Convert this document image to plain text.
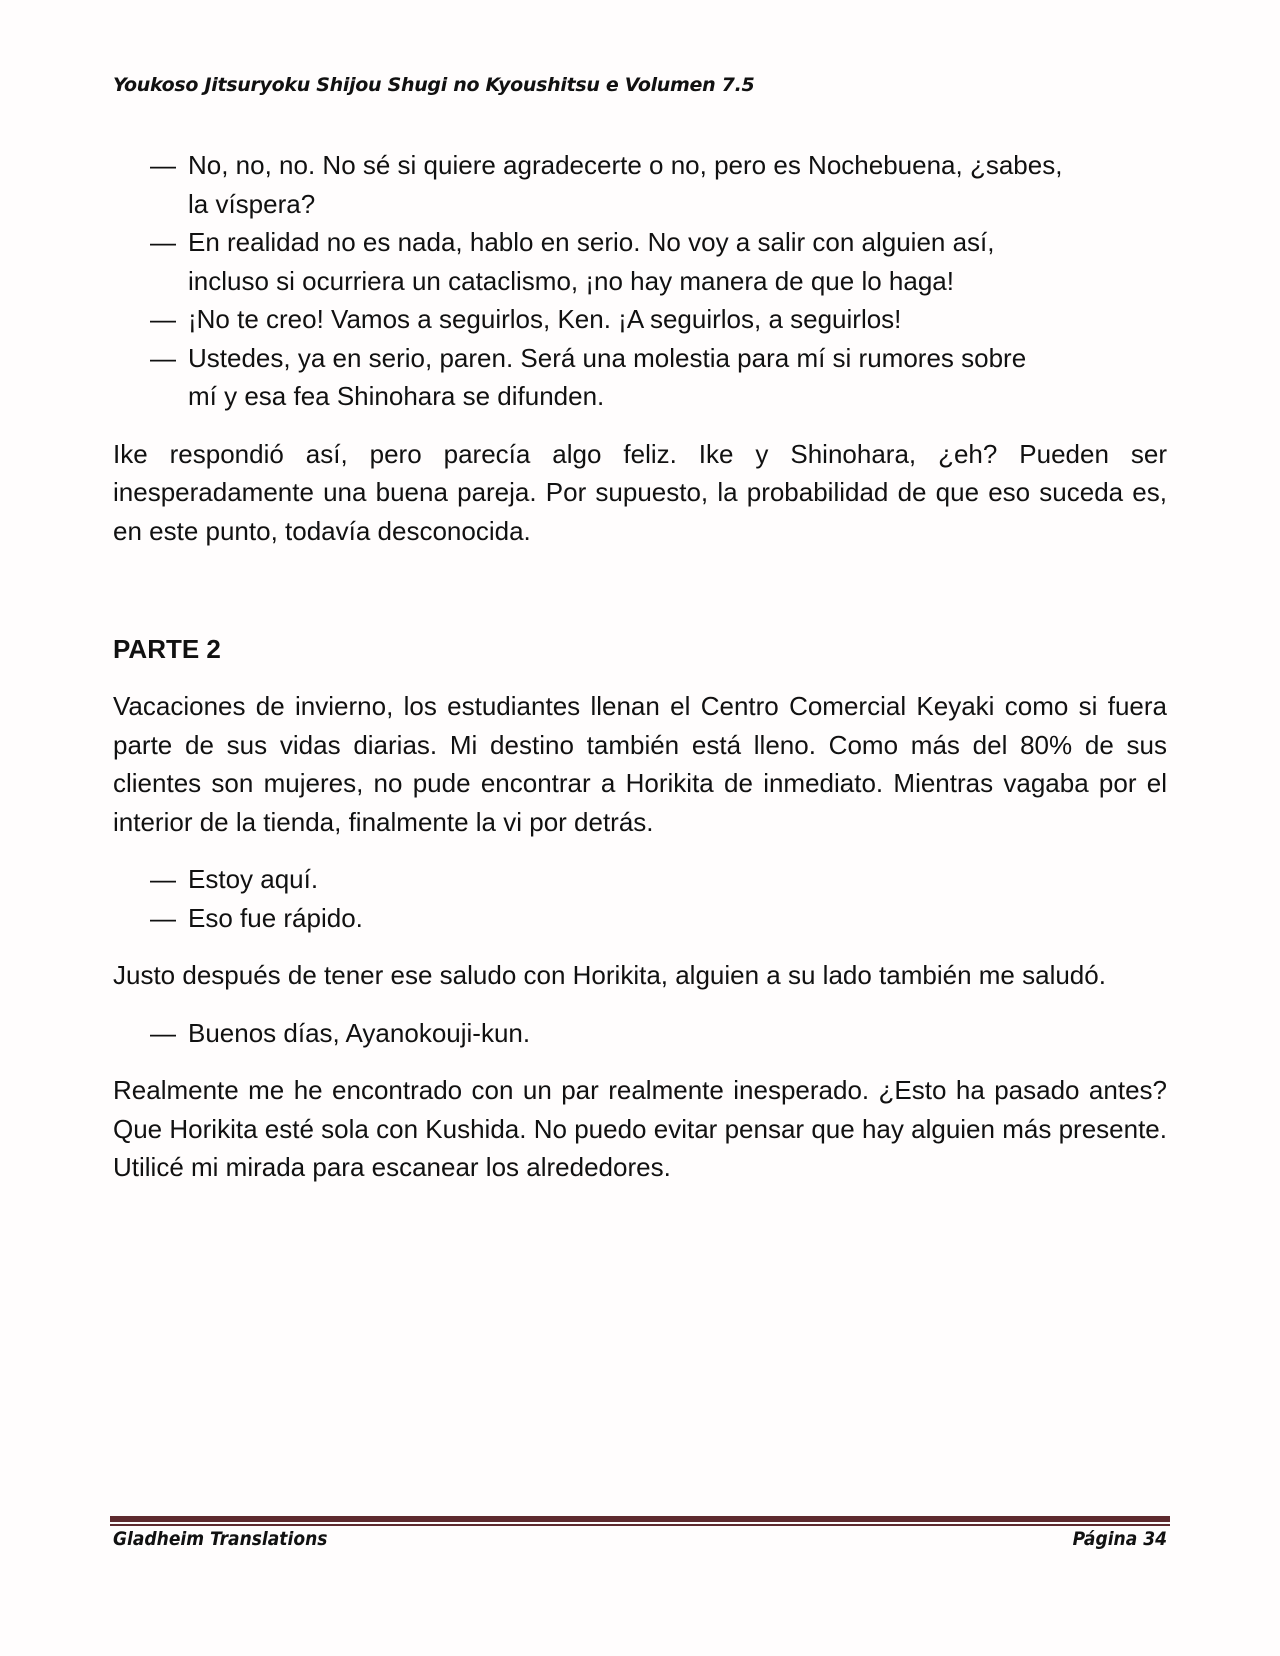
Youkoso Jitsuryoku Shijou Shugi no Kyoushitsu e Volumen 7.5
— No, no, no. No sé si quiere agradecerte o no, pero es Nochebuena, ¿sabes,
la víspera?
— En realidad no es nada, hablo en serio. No voy a salir con alguien así,
incluso si ocurriera un cataclismo, ¡no hay manera de que lo haga!
— ¡No te creo! Vamos a seguirlos, Ken. ¡A seguirlos, a seguirlos!
— Ustedes, ya en serio, paren. Será una molestia para mí si rumores sobre
mí y esa fea Shinohara se difunden.

Ike respondió así, pero parecía algo feliz. Ike y Shinohara, ¿eh? Pueden ser inesperadamente una buena pareja. Por supuesto, la probabilidad de que eso suceda es, en este punto, todavía desconocida.

PARTE 2

Vacaciones de invierno, los estudiantes llenan el Centro Comercial Keyaki como si fuera parte de sus vidas diarias. Mi destino también está lleno. Como más del 80% de sus clientes son mujeres, no pude encontrar a Horikita de inmediato. Mientras vagaba por el interior de la tienda, finalmente la vi por detrás.

— Estoy aquí.
— Eso fue rápido.

Justo después de tener ese saludo con Horikita, alguien a su lado también me saludó.

— Buenos días, Ayanokouji-kun.

Realmente me he encontrado con un par realmente inesperado. ¿Esto ha pasado antes? Que Horikita esté sola con Kushida. No puedo evitar pensar que hay alguien más presente. Utilicé mi mirada para escanear los alrededores.

Gladheim Translations	Página 34
